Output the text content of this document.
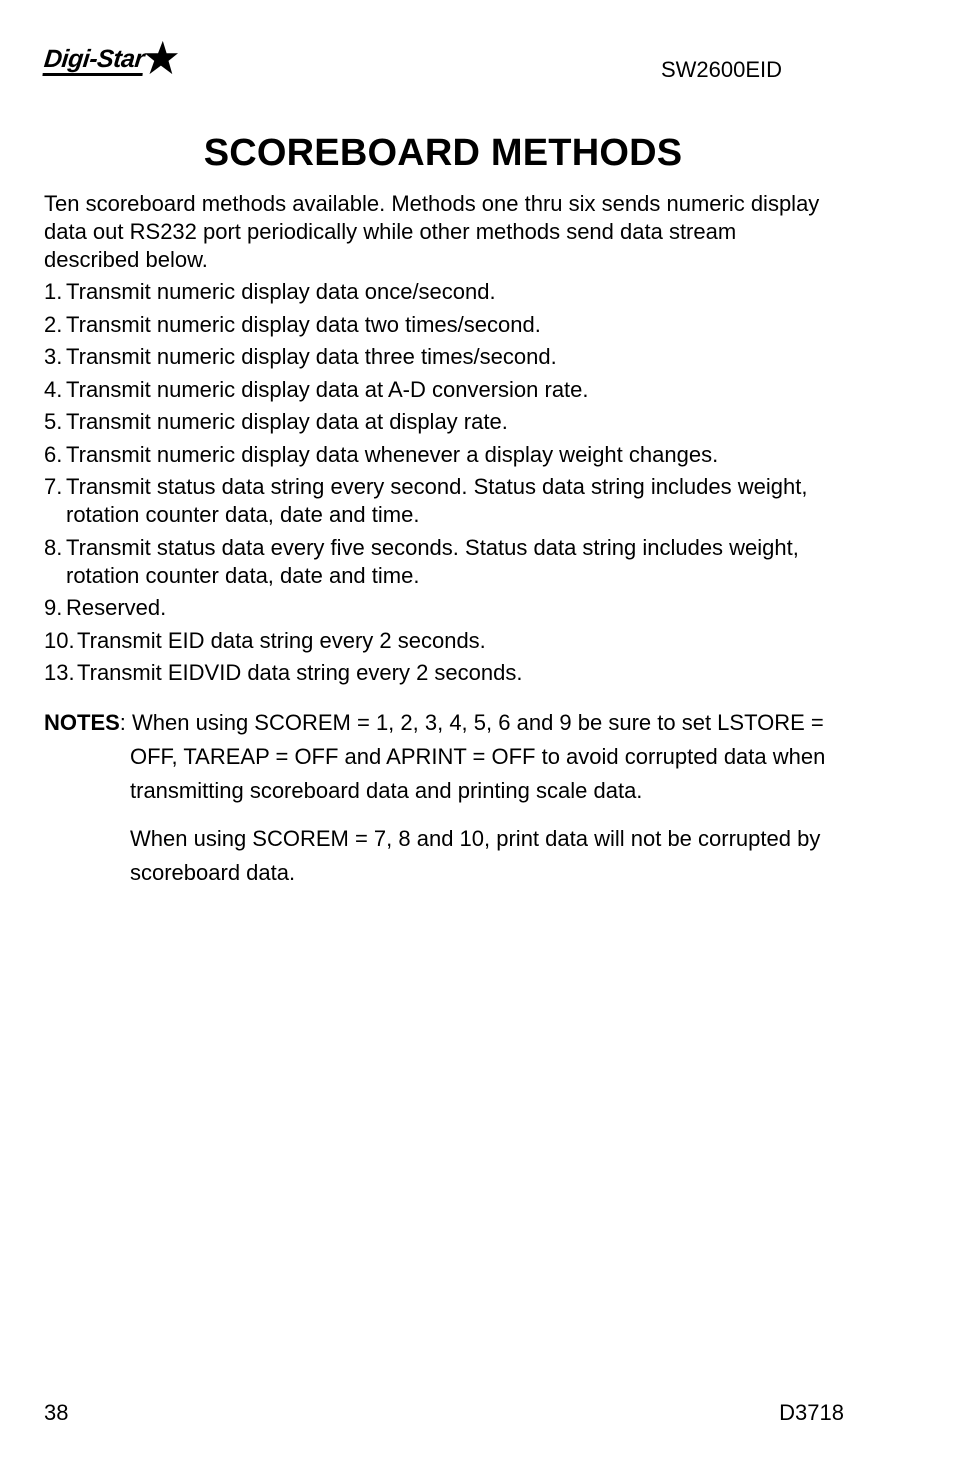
Digi-Star	SW2600EID
SCOREBOARD METHODS
Ten scoreboard methods available. Methods one thru six sends numeric display data out RS232 port periodically while other methods send data stream described below.
1. Transmit numeric display data once/second.
2. Transmit numeric display data two times/second.
3. Transmit numeric display data three times/second.
4. Transmit numeric display data at A-D conversion rate.
5. Transmit numeric display data at display rate.
6. Transmit numeric display data whenever a display weight changes.
7. Transmit status data string every second. Status data string includes weight, rotation counter data, date and time.
8. Transmit status data every five seconds. Status data string includes weight, rotation counter data, date and time.
9. Reserved.
10. Transmit EID data string every 2 seconds.
13. Transmit EIDVID data string every 2 seconds.

NOTES: When using SCOREM = 1, 2, 3, 4, 5, 6 and 9 be sure to set LSTORE = OFF, TAREAP = OFF and APRINT = OFF to avoid corrupted data when transmitting scoreboard data and printing scale data.

When using SCOREM = 7, 8 and 10, print data will not be corrupted by scoreboard data.

38	D3718
